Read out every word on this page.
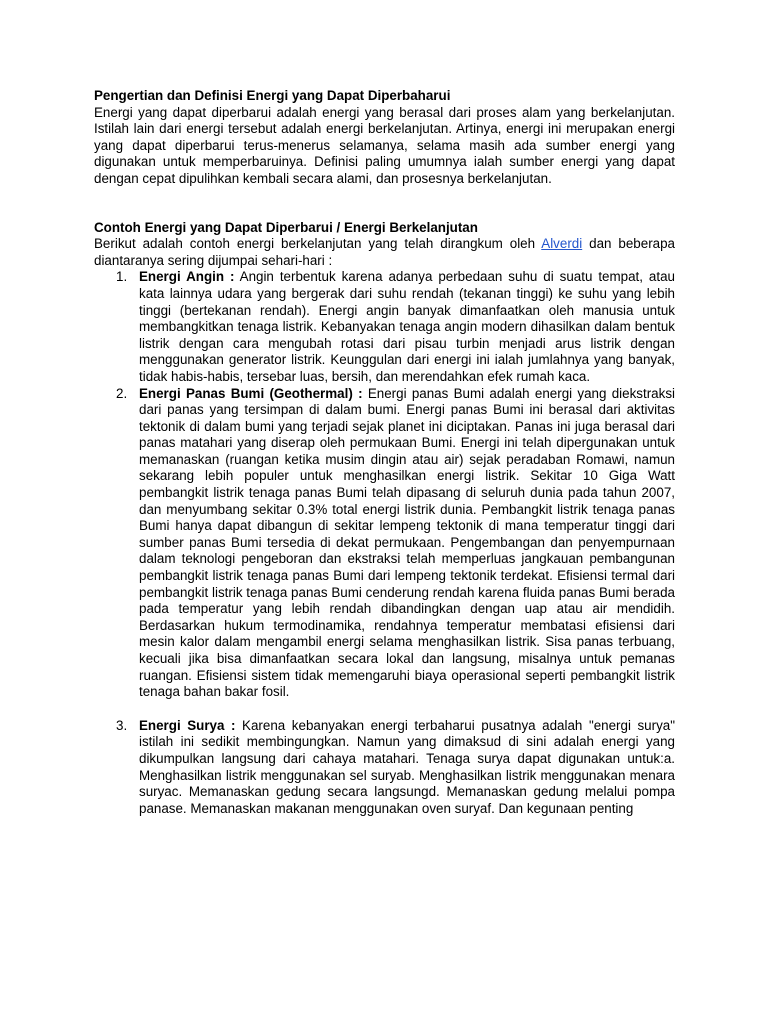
Pengertian dan Definisi Energi yang Dapat Diperbaharui

Energi yang dapat diperbarui adalah energi yang berasal dari proses alam yang berkelanjutan. Istilah lain dari energi tersebut adalah energi berkelanjutan. Artinya, energi ini merupakan energi yang dapat diperbarui terus-menerus selamanya, selama masih ada sumber energi yang digunakan untuk memperbaruinya. Definisi paling umumnya ialah sumber energi yang dapat dengan cepat dipulihkan kembali secara alami, dan prosesnya berkelanjutan.

Contoh Energi yang Dapat Diperbarui / Energi Berkelanjutan

Berikut adalah contoh energi berkelanjutan yang telah dirangkum oleh Alverdi dan beberapa diantaranya sering dijumpai sehari-hari :

1. Energi Angin : Angin terbentuk karena adanya perbedaan suhu di suatu tempat, atau kata lainnya udara yang bergerak dari suhu rendah (tekanan tinggi) ke suhu yang lebih tinggi (bertekanan rendah). Energi angin banyak dimanfaatkan oleh manusia untuk membangkitkan tenaga listrik. Kebanyakan tenaga angin modern dihasilkan dalam bentuk listrik dengan cara mengubah rotasi dari pisau turbin menjadi arus listrik dengan menggunakan generator listrik. Keunggulan dari energi ini ialah jumlahnya yang banyak, tidak habis-habis, tersebar luas, bersih, dan merendahkan efek rumah kaca.
2. Energi Panas Bumi (Geothermal) : Energi panas Bumi adalah energi yang diekstraksi dari panas yang tersimpan di dalam bumi. Energi panas Bumi ini berasal dari aktivitas tektonik di dalam bumi yang terjadi sejak planet ini diciptakan. Panas ini juga berasal dari panas matahari yang diserap oleh permukaan Bumi. Energi ini telah dipergunakan untuk memanaskan (ruangan ketika musim dingin atau air) sejak peradaban Romawi, namun sekarang lebih populer untuk menghasilkan energi listrik. Sekitar 10 Giga Watt pembangkit listrik tenaga panas Bumi telah dipasang di seluruh dunia pada tahun 2007, dan menyumbang sekitar 0.3% total energi listrik dunia. Pembangkit listrik tenaga panas Bumi hanya dapat dibangun di sekitar lempeng tektonik di mana temperatur tinggi dari sumber panas Bumi tersedia di dekat permukaan. Pengembangan dan penyempurnaan dalam teknologi pengeboran dan ekstraksi telah memperluas jangkauan pembangunan pembangkit listrik tenaga panas Bumi dari lempeng tektonik terdekat. Efisiensi termal dari pembangkit listrik tenaga panas Bumi cenderung rendah karena fluida panas Bumi berada pada temperatur yang lebih rendah dibandingkan dengan uap atau air mendidih. Berdasarkan hukum termodinamika, rendahnya temperatur membatasi efisiensi dari mesin kalor dalam mengambil energi selama menghasilkan listrik. Sisa panas terbuang, kecuali jika bisa dimanfaatkan secara lokal dan langsung, misalnya untuk pemanas ruangan. Efisiensi sistem tidak memengaruhi biaya operasional seperti pembangkit listrik tenaga bahan bakar fosil.
3. Energi Surya : Karena kebanyakan energi terbaharui pusatnya adalah "energi surya" istilah ini sedikit membingungkan. Namun yang dimaksud di sini adalah energi yang dikumpulkan langsung dari cahaya matahari. Tenaga surya dapat digunakan untuk:a. Menghasilkan listrik menggunakan sel suryab. Menghasilkan listrik menggunakan menara suryac. Memanaskan gedung secara langsungd. Memanaskan gedung melalui pompa panase. Memanaskan makanan menggunakan oven suryaf. Dan kegunaan penting
